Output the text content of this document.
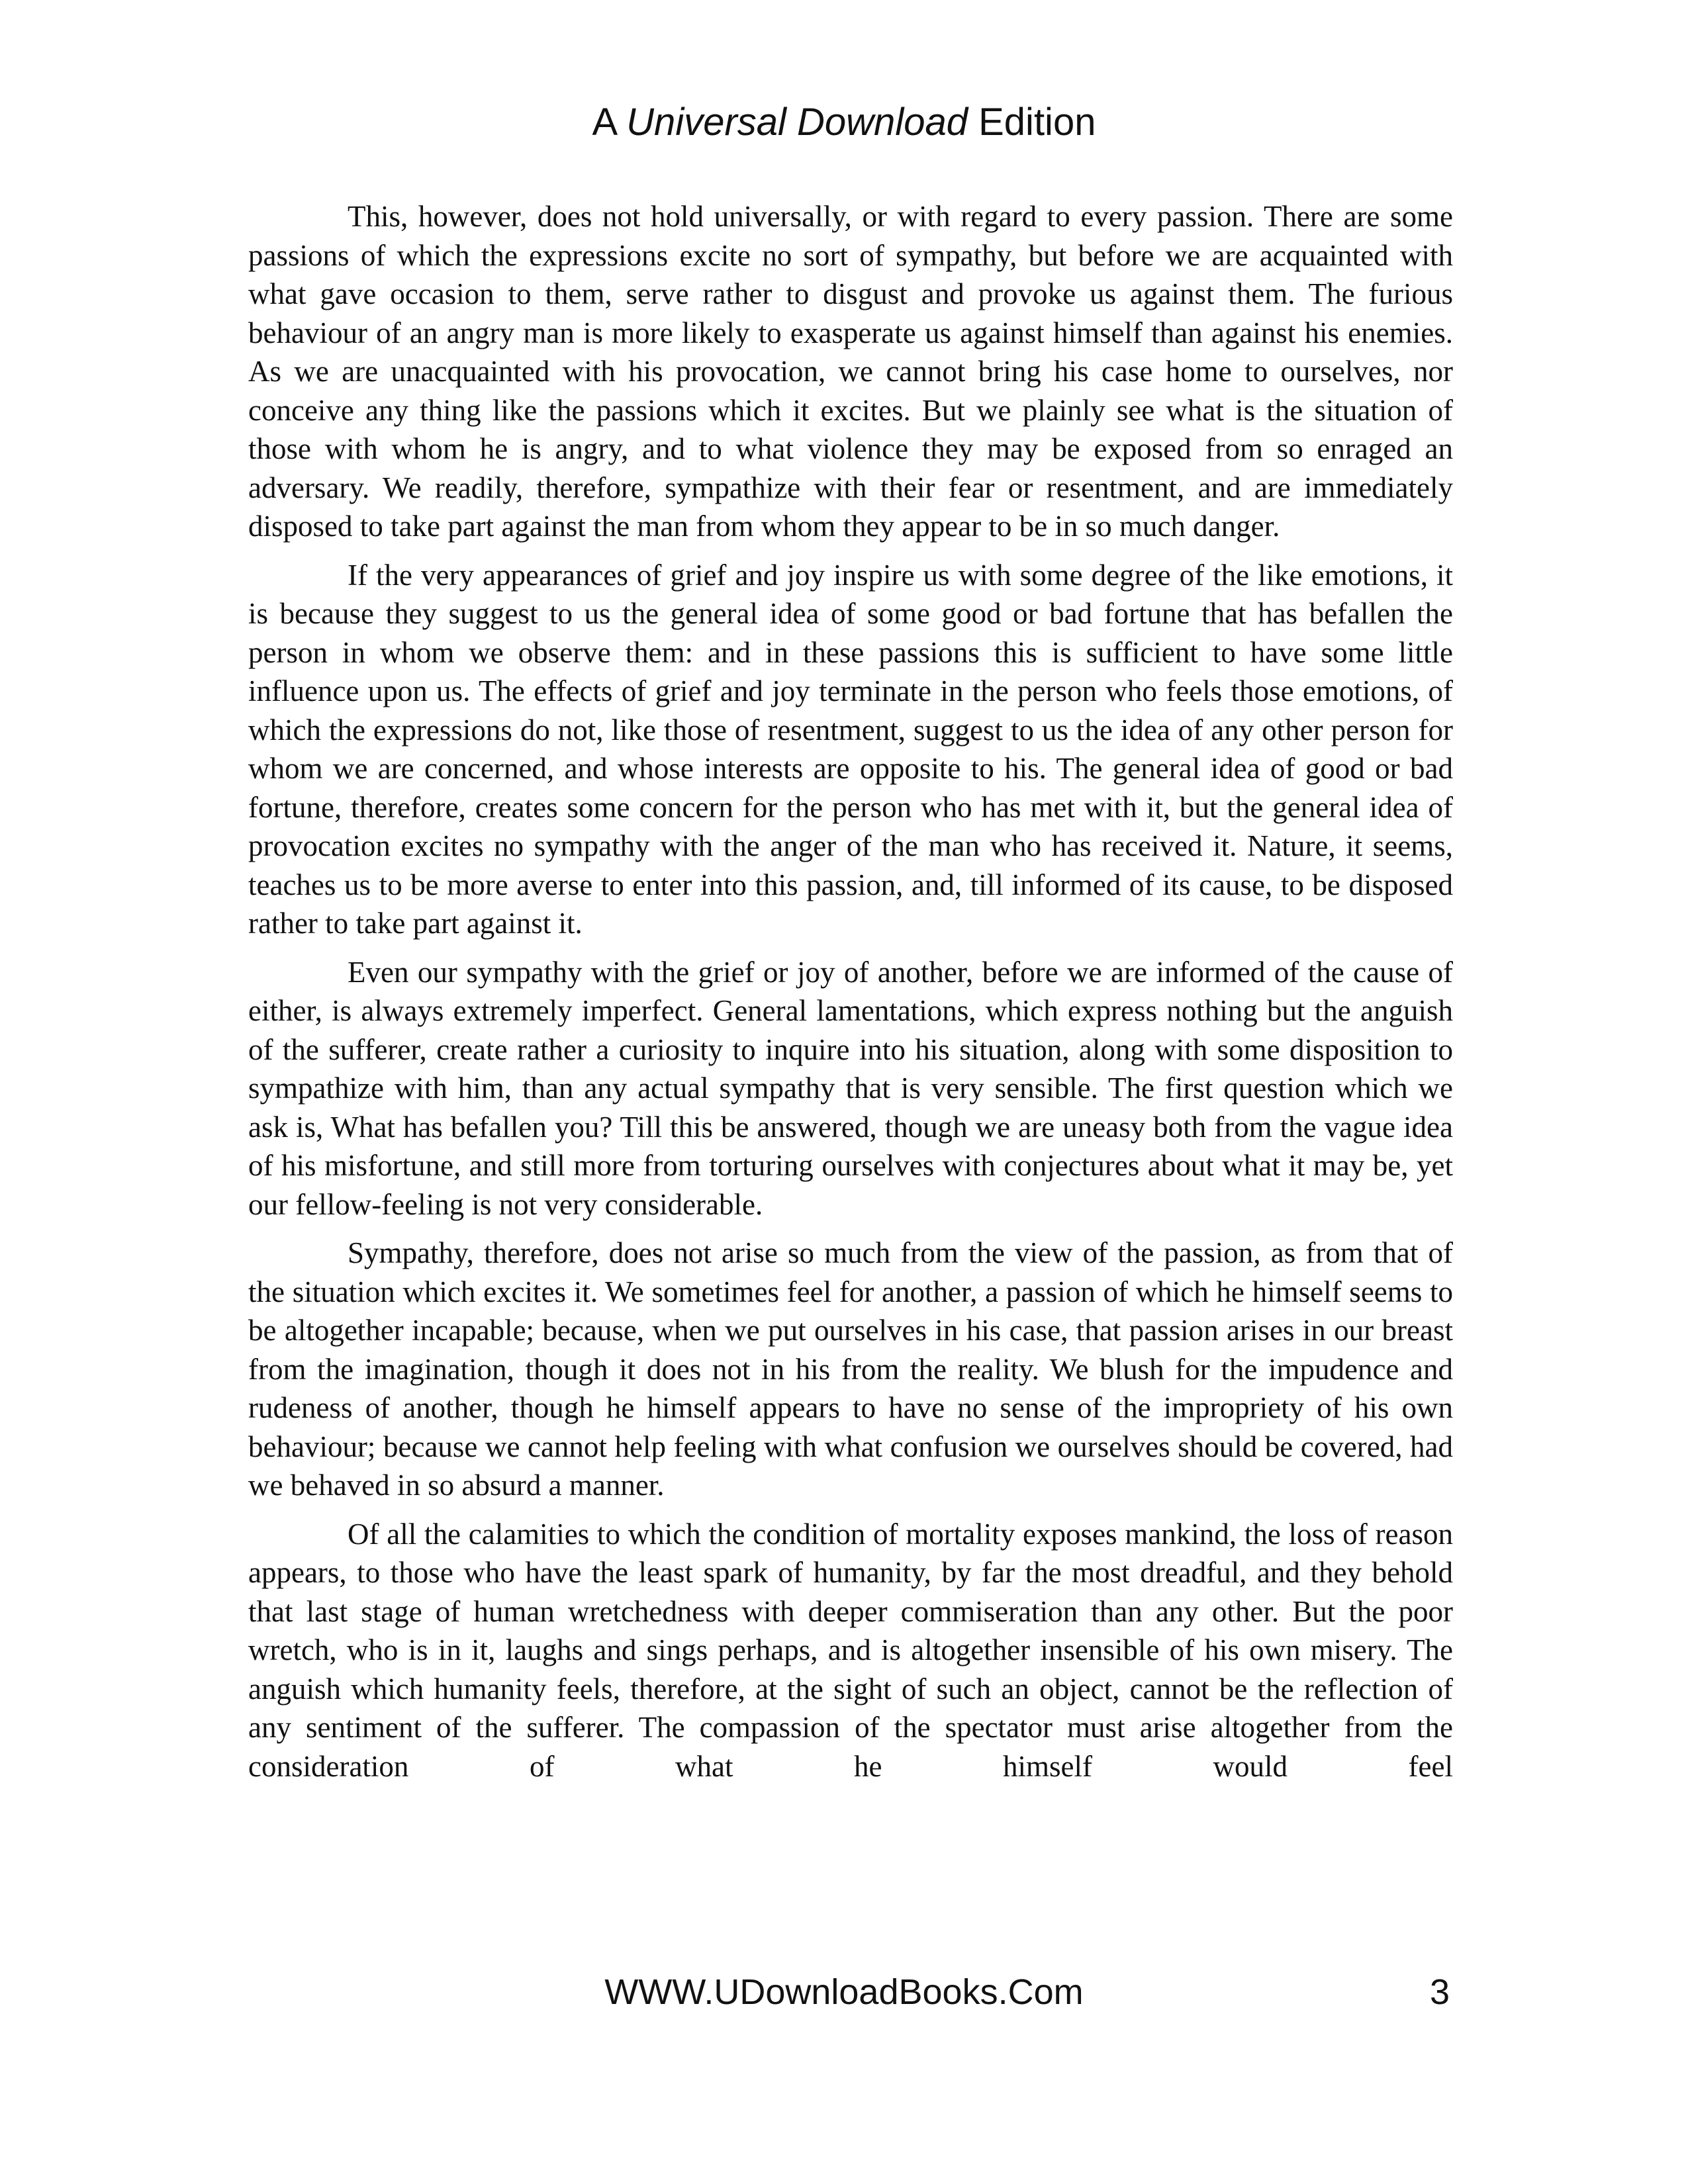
A Universal Download Edition

This, however, does not hold universally, or with regard to every passion. There are some passions of which the expressions excite no sort of sympathy, but before we are acquainted with what gave occasion to them, serve rather to disgust and provoke us against them. The furious behaviour of an angry man is more likely to exasperate us against himself than against his enemies. As we are unacquainted with his provocation, we cannot bring his case home to ourselves, nor conceive any thing like the passions which it excites. But we plainly see what is the situation of those with whom he is angry, and to what violence they may be exposed from so enraged an adversary. We readily, therefore, sympathize with their fear or resentment, and are immediately disposed to take part against the man from whom they appear to be in so much danger.

If the very appearances of grief and joy inspire us with some degree of the like emotions, it is because they suggest to us the general idea of some good or bad fortune that has befallen the person in whom we observe them: and in these passions this is sufficient to have some little influence upon us. The effects of grief and joy terminate in the person who feels those emotions, of which the expressions do not, like those of resentment, suggest to us the idea of any other person for whom we are concerned, and whose interests are opposite to his. The general idea of good or bad fortune, therefore, creates some concern for the person who has met with it, but the general idea of provocation excites no sympathy with the anger of the man who has received it. Nature, it seems, teaches us to be more averse to enter into this passion, and, till informed of its cause, to be disposed rather to take part against it.

Even our sympathy with the grief or joy of another, before we are informed of the cause of either, is always extremely imperfect. General lamentations, which express nothing but the anguish of the sufferer, create rather a curiosity to inquire into his situation, along with some disposition to sympathize with him, than any actual sympathy that is very sensible. The first question which we ask is, What has befallen you? Till this be answered, though we are uneasy both from the vague idea of his misfortune, and still more from torturing ourselves with conjectures about what it may be, yet our fellow-feeling is not very considerable.

Sympathy, therefore, does not arise so much from the view of the passion, as from that of the situation which excites it. We sometimes feel for another, a passion of which he himself seems to be altogether incapable; because, when we put ourselves in his case, that passion arises in our breast from the imagination, though it does not in his from the reality. We blush for the impudence and rudeness of another, though he himself appears to have no sense of the impropriety of his own behaviour; because we cannot help feeling with what confusion we ourselves should be covered, had we behaved in so absurd a manner.

Of all the calamities to which the condition of mortality exposes mankind, the loss of reason appears, to those who have the least spark of humanity, by far the most dreadful, and they behold that last stage of human wretchedness with deeper commiseration than any other. But the poor wretch, who is in it, laughs and sings perhaps, and is altogether insensible of his own misery. The anguish which humanity feels, therefore, at the sight of such an object, cannot be the reflection of any sentiment of the sufferer. The compassion of the spectator must arise altogether from the consideration of what he himself would feel

WWW.UDownloadBooks.Com	3
